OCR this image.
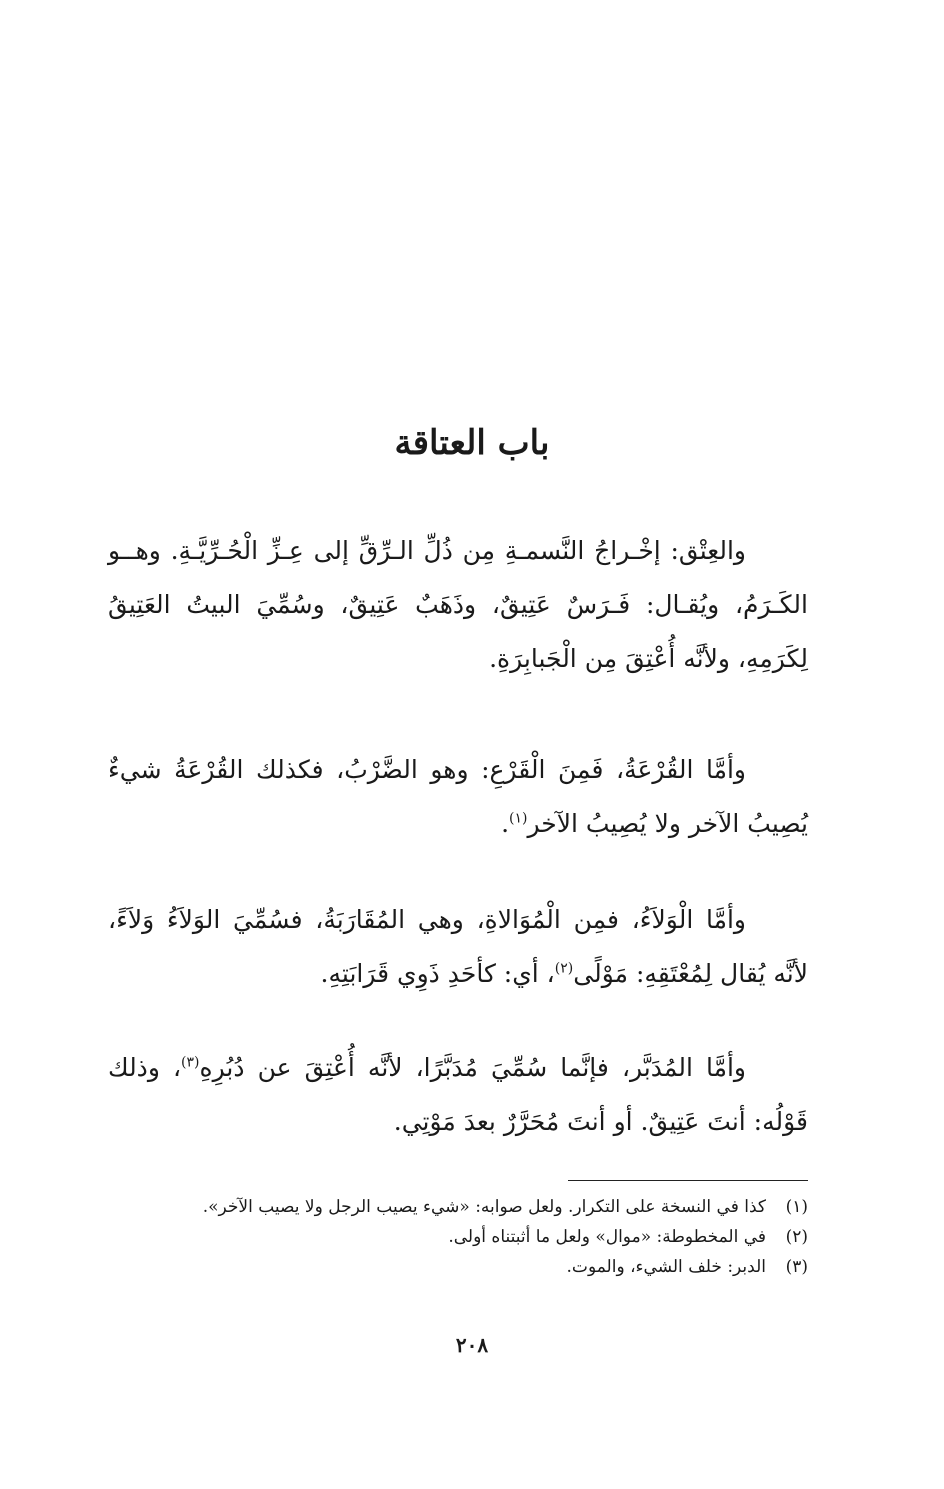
باب العتاقة

والعِتْق: إخْـراجُ النَّسمـةِ مِن ذُلِّ الـرِّقِّ إلى عِـزِّ الْحُـرِّيَّـةِ. وهــو الكَـرَمُ، ويُقـال: فَـرَسٌ عَتِيقٌ، وذَهَبٌ عَتِيقٌ، وسُمِّيَ البيتُ العَتِيقُ لِكَرَمِهِ، ولأنَّه أُعْتِقَ مِن الْجَبابِرَةِ.

وأمَّا القُرْعَةُ، فَمِنَ الْقَرْعِ: وهو الضَّرْبُ، فكذلك القُرْعَةُ شيءٌ يُصِيبُ الآخر ولا يُصِيبُ الآخر$^{(١)}$.

وأمَّا الْوَلاَءُ، فمِن الْمُوَالاةِ، وهي المُقَارَبَةُ، فسُمِّيَ الوَلاَءُ وَلاَءً، لأنَّه يُقال لِمُعْتَقِهِ: مَوْلًى$^{(٢)}$، أي: كأحَدِ ذَوِي قَرَابَتِهِ.

وأمَّا المُدَبَّر، فإنَّما سُمِّيَ مُدَبَّرًا، لأنَّه أُعْتِقَ عن دُبُرِهِ$^{(٣)}$، وذلك قَوْلُه: أنتَ عَتِيقٌ. أو أنتَ مُحَرَّرٌ بعدَ مَوْتِي.

(١)
كذا في النسخة على التكرار. ولعل صوابه: «شيء يصيب الرجل ولا يصيب الآخر».
(٢)
في المخطوطة: «موال» ولعل ما أثبتناه أولى.
(٣)
الدبر: خلف الشيء، والموت.
٢٠٨
